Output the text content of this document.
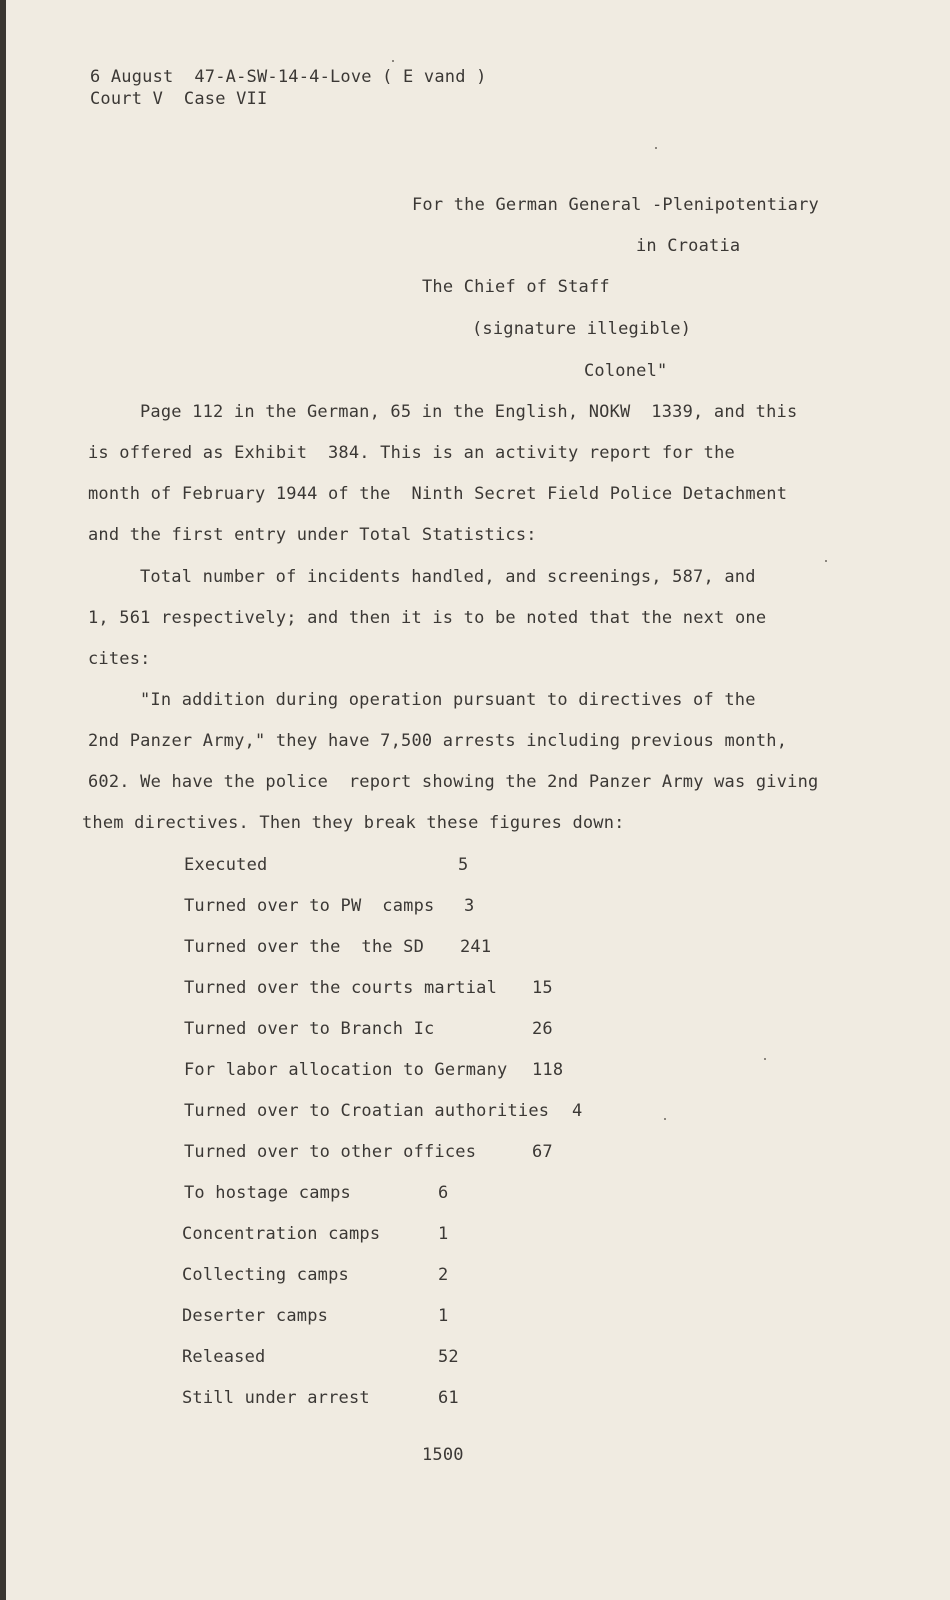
6 August  47-A-SW-14-4-Love ( E vand )
Court V  Case VII
For the German General -Plenipotentiary
in Croatia
The Chief of Staff
(signature illegible)
Colonel"
Page 112 in the German, 65 in the English, NOKW  1339, and this
is offered as Exhibit  384. This is an activity report for the
month of February 1944 of the  Ninth Secret Field Police Detachment
and the first entry under Total Statistics:
Total number of incidents handled, and screenings, 587, and
1, 561 respectively; and then it is to be noted that the next one
cites:
"In addition during operation pursuant to directives of the
2nd Panzer Army," they have 7,500 arrests including previous month,
602. We have the police  report showing the 2nd Panzer Army was giving
them directives. Then they break these figures down:
Executed	5
Turned over to PW  camps 3
Turned over the  the SD 241
Turned over the courts martial 15
Turned over to Branch Ic	26
For labor allocation to Germany 118
Turned over to Croatian authorities 4
Turned over to other offices	67
To hostage camps	6
Concentration camps	1
Collecting camps	2
Deserter camps	1
Released	52
Still under arrest	61
1500
